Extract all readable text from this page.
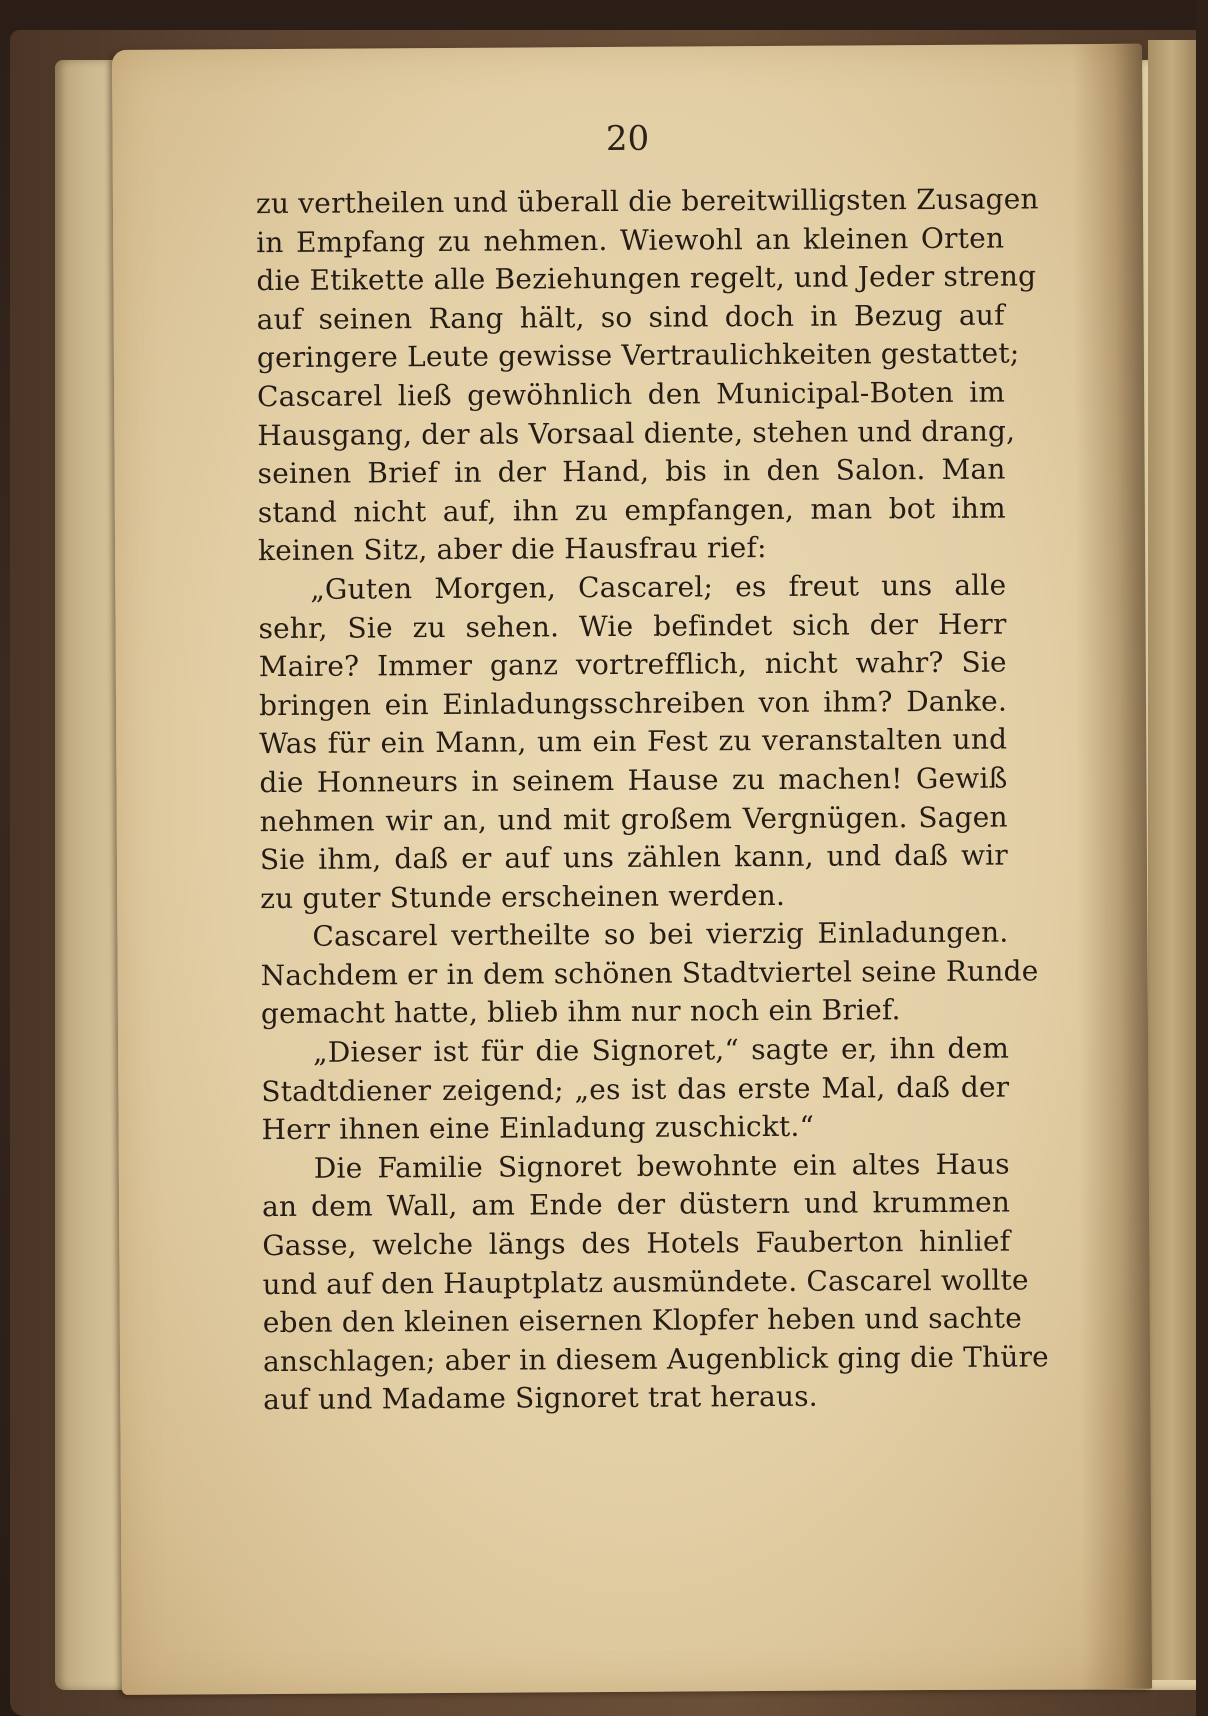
20
zu vertheilen und überall die bereitwilligsten Zusagen
in Empfang zu nehmen. Wiewohl an kleinen Orten
die Etikette alle Beziehungen regelt, und Jeder streng
auf seinen Rang hält, so sind doch in Bezug auf
geringere Leute gewisse Vertraulichkeiten gestattet;
Cascarel ließ gewöhnlich den Municipal-Boten im
Hausgang, der als Vorsaal diente, stehen und drang,
seinen Brief in der Hand, bis in den Salon. Man
stand nicht auf, ihn zu empfangen, man bot ihm
keinen Sitz, aber die Hausfrau rief:
„Guten Morgen, Cascarel; es freut uns alle
sehr, Sie zu sehen. Wie befindet sich der Herr
Maire? Immer ganz vortrefflich, nicht wahr? Sie
bringen ein Einladungsschreiben von ihm? Danke.
Was für ein Mann, um ein Fest zu veranstalten und
die Honneurs in seinem Hause zu machen! Gewiß
nehmen wir an, und mit großem Vergnügen. Sagen
Sie ihm, daß er auf uns zählen kann, und daß wir
zu guter Stunde erscheinen werden.
Cascarel vertheilte so bei vierzig Einladungen.
Nachdem er in dem schönen Stadtviertel seine Runde
gemacht hatte, blieb ihm nur noch ein Brief.
„Dieser ist für die Signoret,“ sagte er, ihn dem
Stadtdiener zeigend; „es ist das erste Mal, daß der
Herr ihnen eine Einladung zuschickt.“
Die Familie Signoret bewohnte ein altes Haus
an dem Wall, am Ende der düstern und krummen
Gasse, welche längs des Hotels Fauberton hinlief
und auf den Hauptplatz ausmündete. Cascarel wollte
eben den kleinen eisernen Klopfer heben und sachte
anschlagen; aber in diesem Augenblick ging die Thüre
auf und Madame Signoret trat heraus.
